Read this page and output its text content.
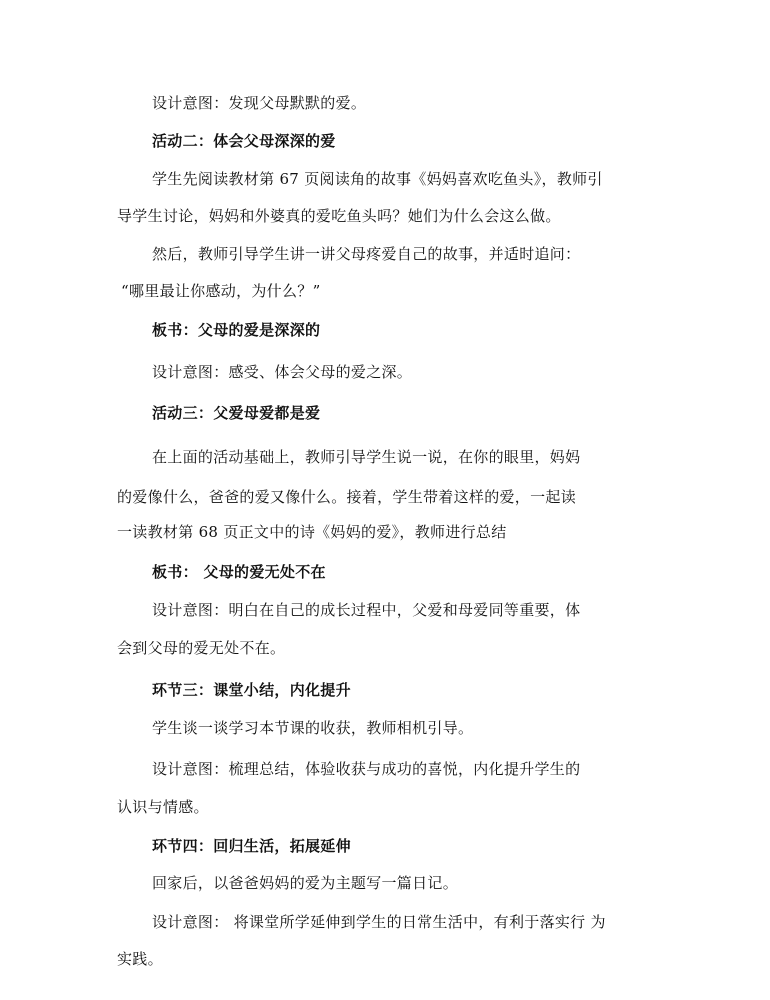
设计意图：发现父母默默的爱。
活动二：体会父母深深的爱
学生先阅读教材第 67 页阅读角的故事《妈妈喜欢吃鱼头》，教师引
导学生讨论，妈妈和外婆真的爱吃鱼头吗？她们为什么会这么做。
然后，教师引导学生讲一讲父母疼爱自己的故事，并适时追问：
“哪里最让你感动，为什么？”
板书：父母的爱是深深的
设计意图：感受、体会父母的爱之深。
活动三：父爱母爱都是爱
在上面的活动基础上，教师引导学生说一说，在你的眼里，妈妈
的爱像什么，爸爸的爱又像什么。接着，学生带着这样的爱，一起读
一读教材第 68 页正文中的诗《妈妈的爱》，教师进行总结
板书： 父母的爱无处不在
设计意图：明白在自己的成长过程中，父爱和母爱同等重要，体
会到父母的爱无处不在。
环节三：课堂小结，内化提升
学生谈一谈学习本节课的收获，教师相机引导。
设计意图：梳理总结，体验收获与成功的喜悦，内化提升学生的
认识与情感。
环节四：回归生活，拓展延伸
回家后，以爸爸妈妈的爱为主题写一篇日记。
设计意图： 将课堂所学延伸到学生的日常生活中，有利于落实行 为
实践。
